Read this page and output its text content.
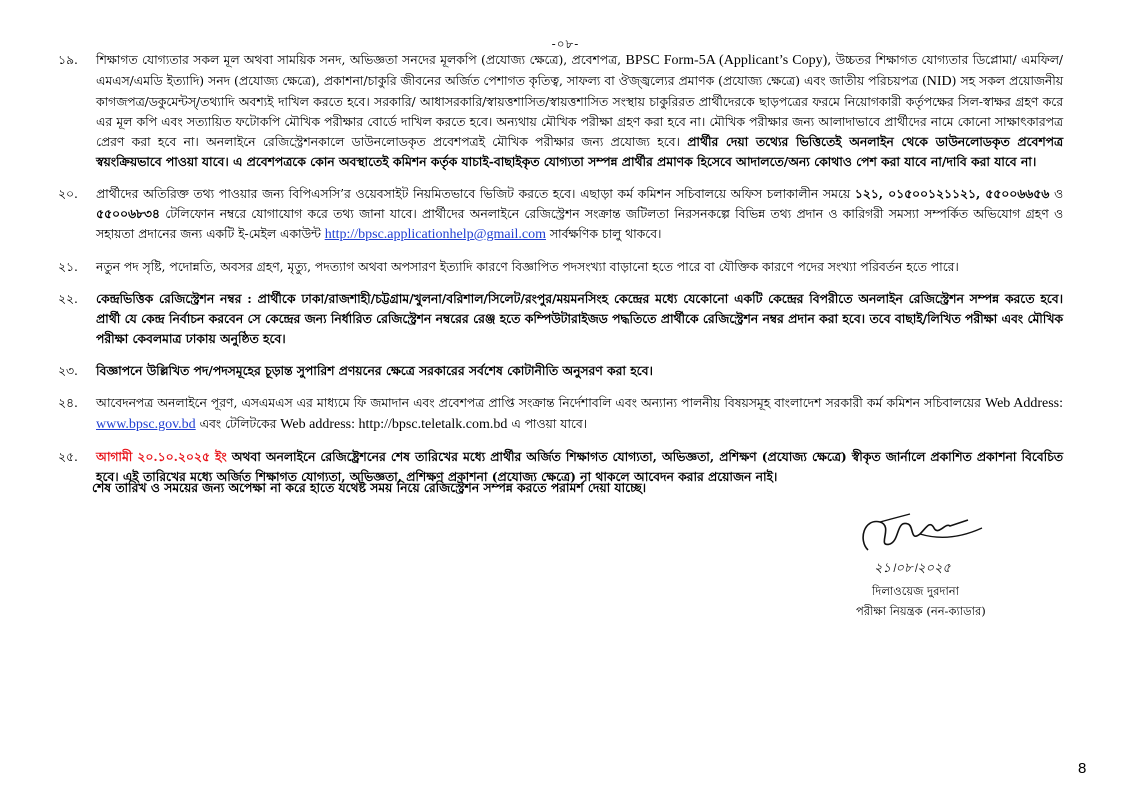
-০৮-
১৯.	শিক্ষাগত যোগ্যতার সকল মূল অথবা সাময়িক সনদ, অভিজ্ঞতা সনদের মূলকপি (প্রযোজ্য ক্ষেত্রে), প্রবেশপত্র, BPSC Form-5A (Applicant’s Copy), উচ্চতর শিক্ষাগত যোগ্যতার ডিপ্লোমা/ এমফিল/এমএস/এমডি ইত্যাদি) সনদ (প্রযোজ্য ক্ষেত্রে), প্রকাশনা/চাকুরি জীবনের অর্জিত পেশাগত কৃতিত্ব, সাফল্য বা ঔজ্জ্বল্যের প্রমাণক (প্রযোজ্য ক্ষেত্রে) এবং জাতীয় পরিচয়পত্র (NID) সহ সকল প্রয়োজনীয় কাগজপত্র/ডকুমেন্টস্/তথ্যাদি অবশ্যই দাখিল করতে হবে। সরকারি/ আধাসরকারি/স্বায়ত্তশাসিত/স্বায়ত্তশাসিত সংস্থায় চাকুরিরত প্রার্থীদেরকে ছাড়পত্রের ফরমে নিয়োগকারী কর্তৃপক্ষের সিল-স্বাক্ষর গ্রহণ করে এর মূল কপি এবং সত্যায়িত ফটোকপি মৌখিক পরীক্ষার বোর্ডে দাখিল করতে হবে। অন্যথায় মৌখিক পরীক্ষা গ্রহণ করা হবে না। মৌখিক পরীক্ষার জন্য আলাদাভাবে প্রার্থীদের নামে কোনো সাক্ষাৎকারপত্র প্রেরণ করা হবে না। অনলাইনে রেজিস্ট্রেশনকালে ডাউনলোডকৃত প্রবেশপত্রই মৌখিক পরীক্ষার জন্য প্রযোজ্য হবে। প্রার্থীর দেয়া তথ্যের ভিত্তিতেই অনলাইন থেকে ডাউনলোডকৃত প্রবেশপত্র স্বয়ংক্রিয়ভাবে পাওয়া যাবে। এ প্রবেশপত্রকে কোন অবস্থাতেই কমিশন কর্তৃক যাচাই-বাছাইকৃত যোগ্যতা সম্পন্ন প্রার্থীর প্রমাণক হিসেবে আদালতে/অন্য কোথাও পেশ করা যাবে না/দাবি করা যাবে না।
২০.	প্রার্থীদের অতিরিক্ত তথ্য পাওয়ার জন্য বিপিএসসি’র ওয়েবসাইট নিয়মিতভাবে ভিজিট করতে হবে। এছাড়া কর্ম কমিশন সচিবালয়ে অফিস চলাকালীন সময়ে ১২১, ০১৫০০১২১১২১, ৫৫০০৬৬৫৬ ও ৫৫০০৬৮৩৪ টেলিফোন নম্বরে যোগাযোগ করে তথ্য জানা যাবে। প্রার্থীদের অনলাইনে রেজিস্ট্রেশন সংক্রান্ত জটিলতা নিরসনকল্পে বিভিন্ন তথ্য প্রদান ও কারিগরী সমস্যা সম্পর্কিত অভিযোগ গ্রহণ ও সহায়তা প্রদানের জন্য একটি ই-মেইল একাউন্ট http://bpsc.applicationhelp@gmail.com সার্বক্ষণিক চালু থাকবে।
২১.	নতুন পদ সৃষ্টি, পদোন্নতি, অবসর গ্রহণ, মৃত্যু, পদত্যাগ অথবা অপসারণ ইত্যাদি কারণে বিজ্ঞাপিত পদসংখ্যা বাড়ানো হতে পারে বা যৌক্তিক কারণে পদের সংখ্যা পরিবর্তন হতে পারে।
২২.	কেন্দ্রভিত্তিক রেজিস্ট্রেশন নম্বর : প্রার্থীকে ঢাকা/রাজশাহী/চট্টগ্রাম/খুলনা/বরিশাল/সিলেট/রংপুর/ময়মনসিংহ কেন্দ্রের মধ্যে যেকোনো একটি কেন্দ্রের বিপরীতে অনলাইন রেজিস্ট্রেশন সম্পন্ন করতে হবে। প্রার্থী যে কেন্দ্র নির্বাচন করবেন সে কেন্দ্রের জন্য নির্ধারিত রেজিস্ট্রেশন নম্বরের রেঞ্জ হতে কম্পিউটারাইজড পদ্ধতিতে প্রার্থীকে রেজিস্ট্রেশন নম্বর প্রদান করা হবে। তবে বাছাই/লিখিত পরীক্ষা এবং মৌখিক পরীক্ষা কেবলমাত্র ঢাকায় অনুষ্ঠিত হবে।
২৩.	বিজ্ঞাপনে উল্লিখিত পদ/পদসমূহের চূড়ান্ত সুপারিশ প্রণয়নের ক্ষেত্রে সরকারের সর্বশেষ কোটানীতি অনুসরণ করা হবে।
২৪.	আবেদনপত্র অনলাইনে পূরণ, এসএমএস এর মাধ্যমে ফি জমাদান এবং প্রবেশপত্র প্রাপ্তি সংক্রান্ত নির্দেশাবলি এবং অন্যান্য পালনীয় বিষয়সমূহ বাংলাদেশ সরকারী কর্ম কমিশন সচিবালয়ের Web Address: www.bpsc.gov.bd এবং টেলিটকের Web address: http://bpsc.teletalk.com.bd এ পাওয়া যাবে।
২৫.	আগামী ২০.১০.২০২৫ ইং অথবা অনলাইনে রেজিষ্ট্রেশনের শেষ তারিখের মধ্যে প্রার্থীর অর্জিত শিক্ষাগত যোগ্যতা, অভিজ্ঞতা, প্রশিক্ষণ (প্রযোজ্য ক্ষেত্রে) স্বীকৃত জার্নালে প্রকাশিত প্রকাশনা বিবেচিত হবে। এই তারিখের মধ্যে অর্জিত শিক্ষাগত যোগ্যতা, অভিজ্ঞতা, প্রশিক্ষণ প্রকাশনা (প্রযোজ্য ক্ষেত্রে) না থাকলে আবেদন করার প্রয়োজন নাই।
শেষ তারিখ ও সময়ের জন্য অপেক্ষা না করে হাতে যথেষ্ট সময় নিয়ে রেজিস্ট্রেশন সম্পন্ন করতে পরামর্শ দেয়া যাচ্ছে।
২১।০৮।২০২৫
দিলাওয়েজ দুরদানা
পরীক্ষা নিয়ন্ত্রক (নন-ক্যাডার)
8
